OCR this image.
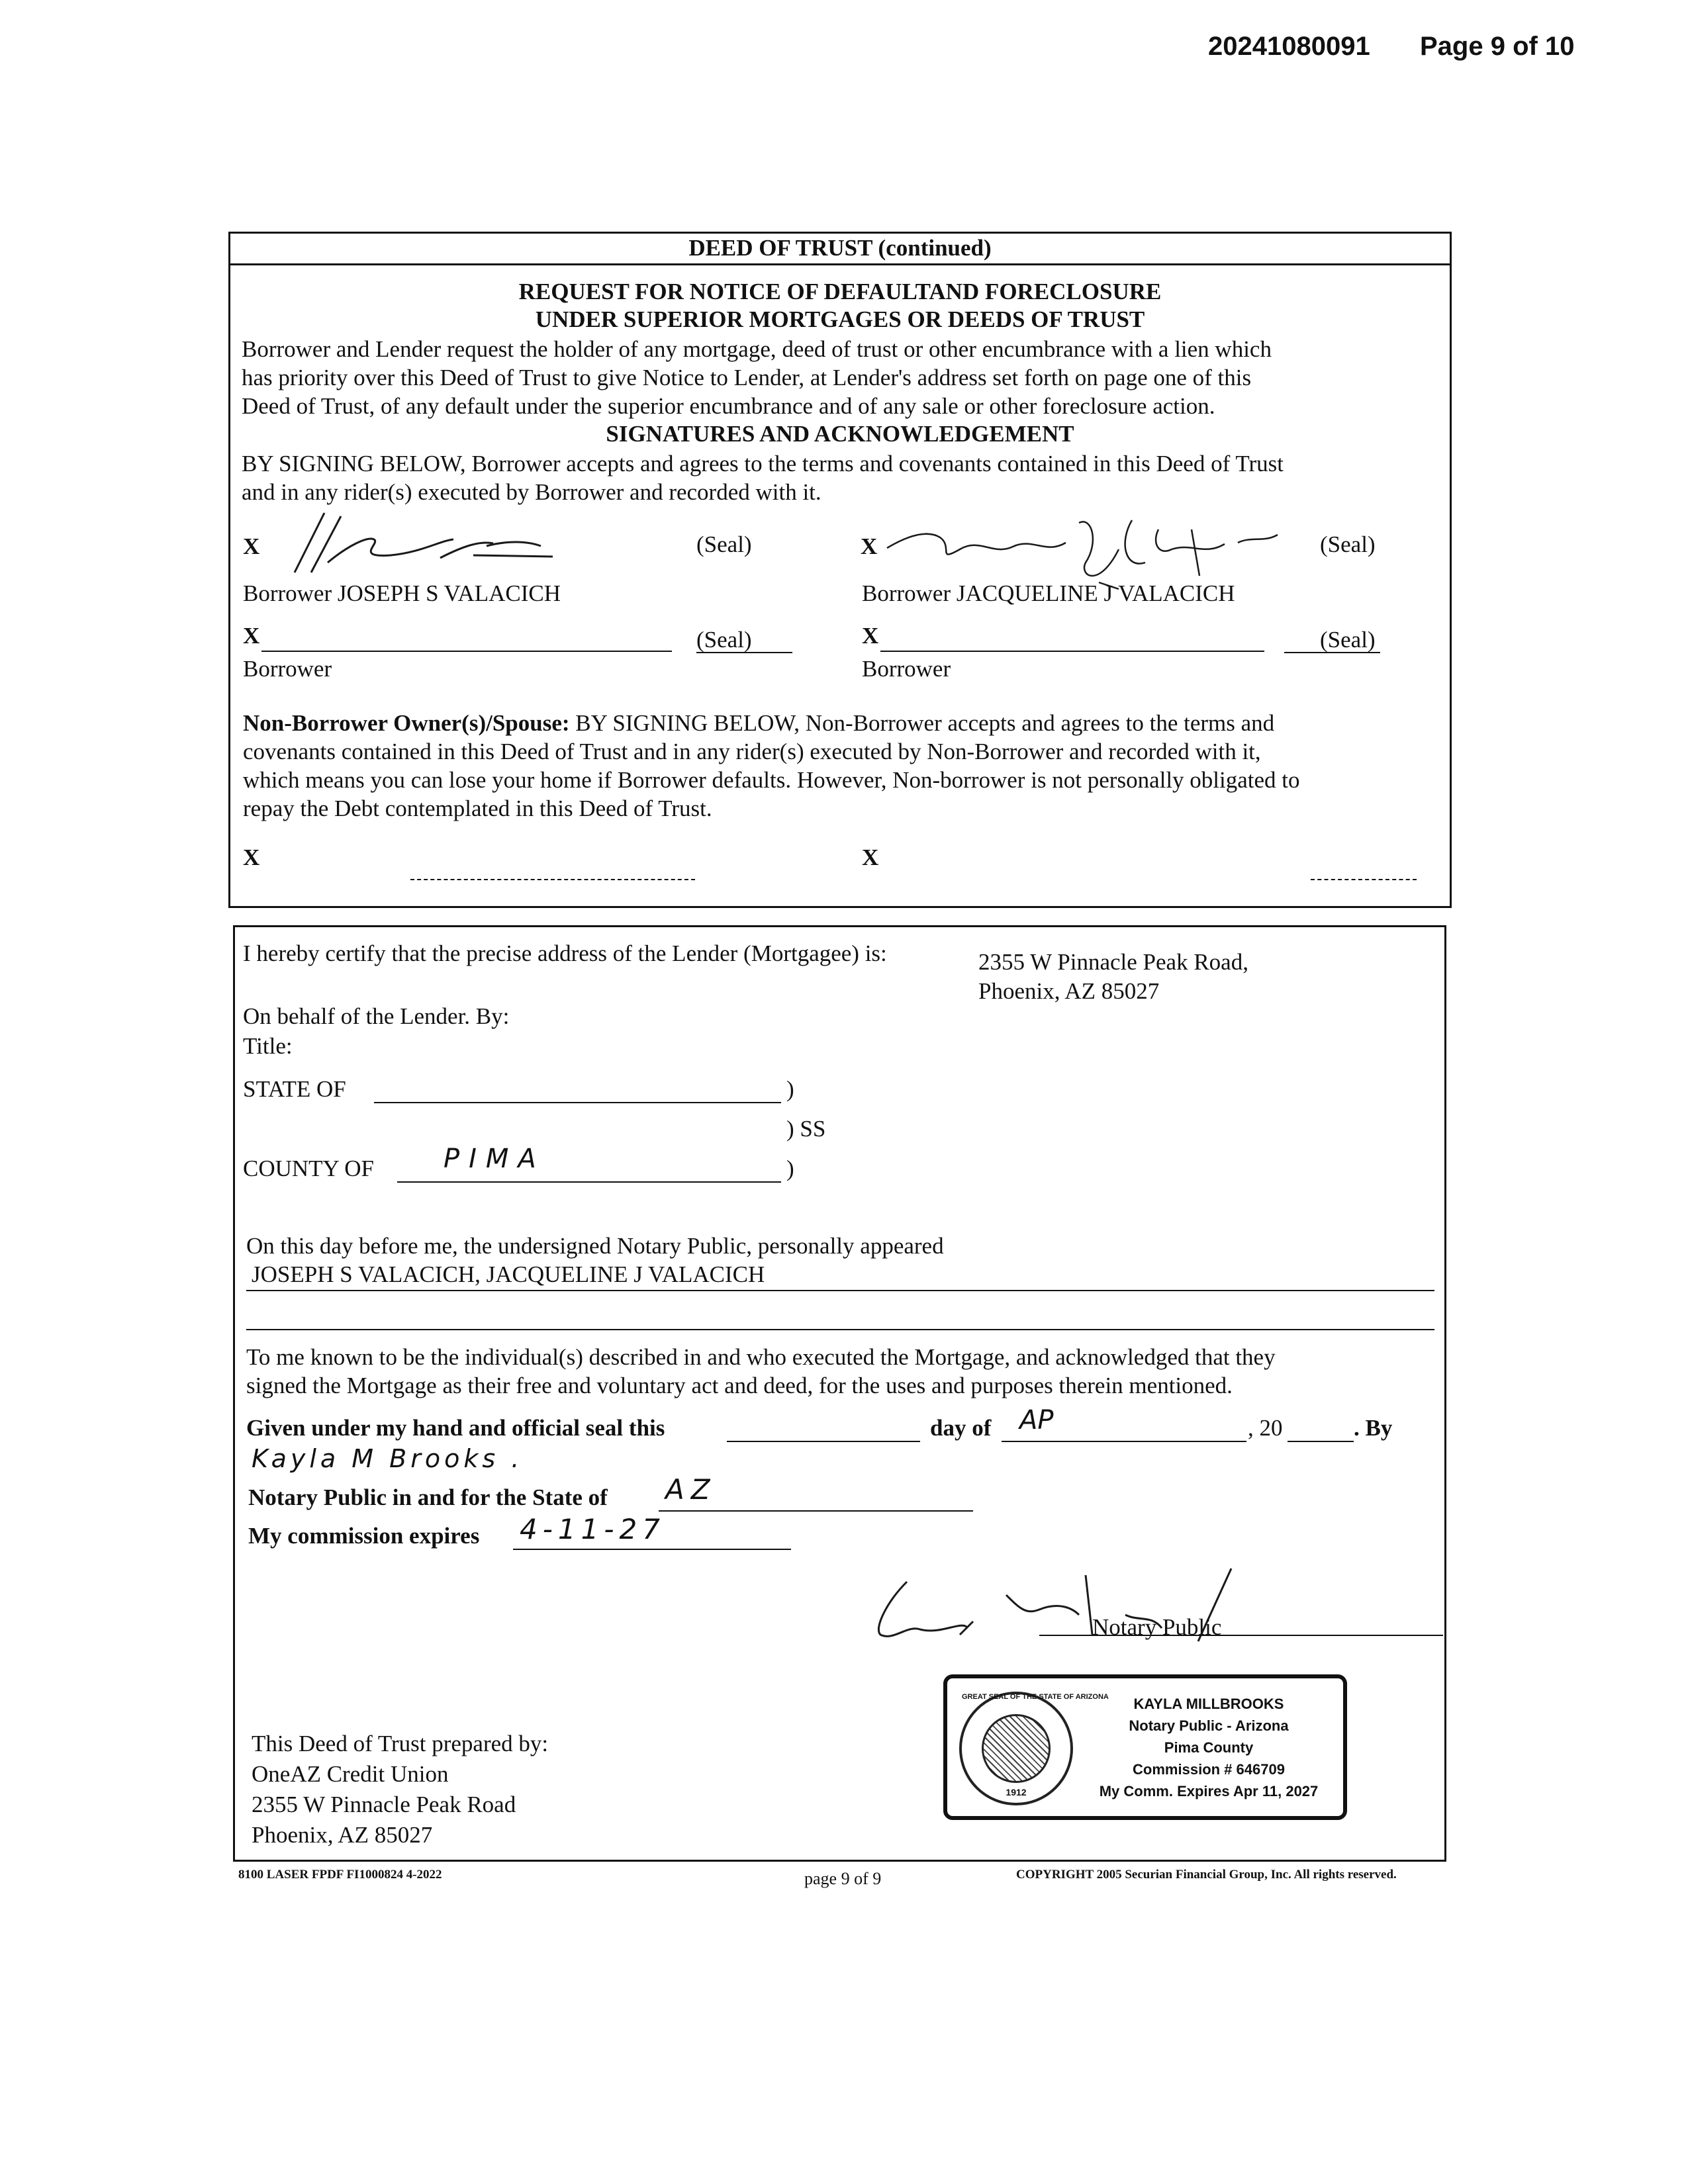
20241080091 Page 9 of 10
DEED OF TRUST (continued)
REQUEST FOR NOTICE OF DEFAULTAND FORECLOSURE
UNDER SUPERIOR MORTGAGES OR DEEDS OF TRUST
Borrower and Lender request the holder of any mortgage, deed of trust or other encumbrance with a lien which
has priority over this Deed of Trust to give Notice to Lender, at Lender's address set forth on page one of this
Deed of Trust, of any default under the superior encumbrance and of any sale or other foreclosure action.
SIGNATURES AND ACKNOWLEDGEMENT
BY SIGNING BELOW, Borrower accepts and agrees to the terms and covenants contained in this Deed of Trust
and in any rider(s) executed by Borrower and recorded with it.
X	(Seal)	X	(Seal)
Borrower JOSEPH S VALACICH	Borrower JACQUELINE J VALACICH
X	(Seal)	X	(Seal)
Borrower	Borrower
Non-Borrower Owner(s)/Spouse: BY SIGNING BELOW, Non-Borrower accepts and agrees to the terms and
covenants contained in this Deed of Trust and in any rider(s) executed by Non-Borrower and recorded with it,
which means you can lose your home if Borrower defaults. However, Non-borrower is not personally obligated to
repay the Debt contemplated in this Deed of Trust.
X	X
I hereby certify that the precise address of the Lender (Mortgagee) is:	2355 W Pinnacle Peak Road,
Phoenix, AZ 85027
On behalf of the Lender. By:
Title:
STATE OF	)
) SS
COUNTY OF	PIMA	)
On this day before me, the undersigned Notary Public, personally appeared
JOSEPH S VALACICH, JACQUELINE J VALACICH
To me known to be the individual(s) described in and who executed the Mortgage, and acknowledged that they
signed the Mortgage as their free and voluntary act and deed, for the uses and purposes therein mentioned.
Given under my hand and official seal this	day of AP	, 20	. By
Kayla M Brooks .
Notary Public in and for the State of AZ
My commission expires 4-11-27
Notary Public
GREAT SEAL OF THE STATE OF ARIZONA
1912
KAYLA MILLBROOKS
Notary Public - Arizona
Pima County
Commission # 646709
My Comm. Expires Apr 11, 2027
This Deed of Trust prepared by:
OneAZ Credit Union
2355 W Pinnacle Peak Road
Phoenix, AZ 85027
8100 LASER FPDF FI1000824 4-2022	page 9 of 9	COPYRIGHT 2005 Securian Financial Group, Inc. All rights reserved.
